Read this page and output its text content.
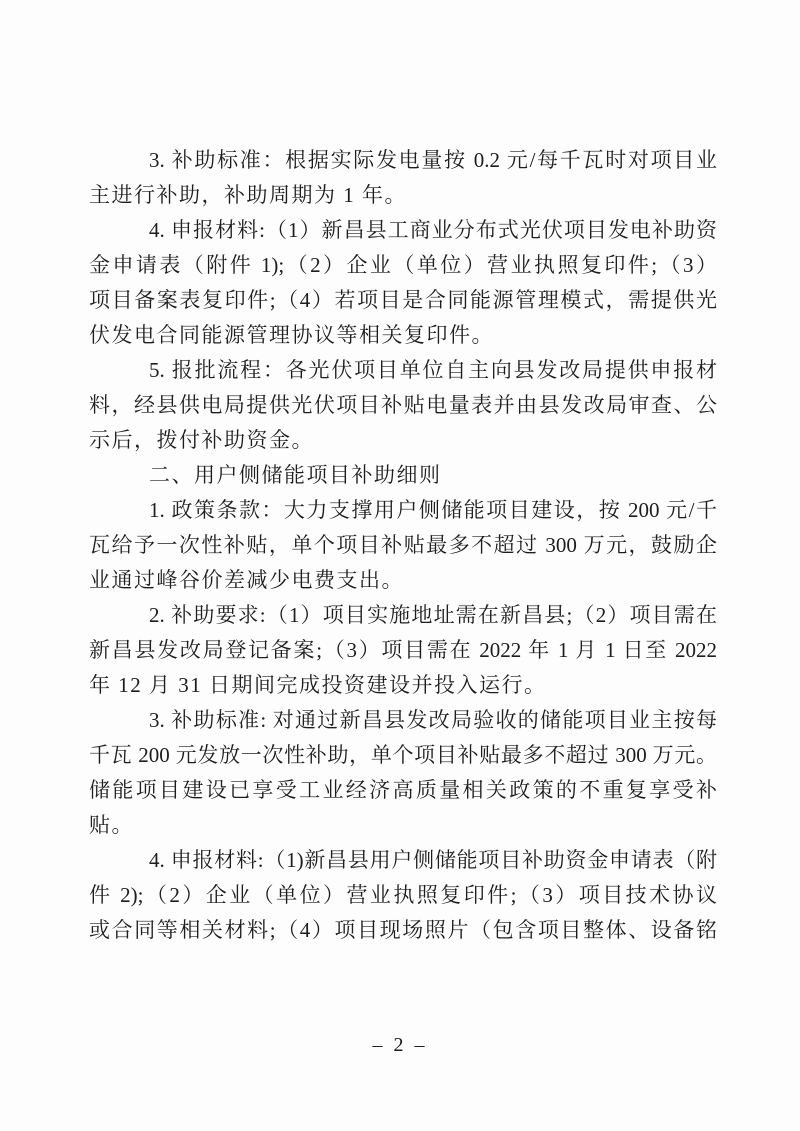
3. 补助标准：根据实际发电量按 0.2 元/每千瓦时对项目业

主进行补助，补助周期为 1 年。

4. 申报材料:（1）新昌县工商业分布式光伏项目发电补助资

金申请表（附件 1);（2）企业（单位）营业执照复印件;（3）

项目备案表复印件;（4）若项目是合同能源管理模式，需提供光

伏发电合同能源管理协议等相关复印件。

5. 报批流程：各光伏项目单位自主向县发改局提供申报材

料，经县供电局提供光伏项目补贴电量表并由县发改局审查、公

示后，拨付补助资金。

二、用户侧储能项目补助细则

1. 政策条款：大力支撑用户侧储能项目建设，按 200 元/千

瓦给予一次性补贴，单个项目补贴最多不超过 300 万元，鼓励企

业通过峰谷价差减少电费支出。

2. 补助要求:（1）项目实施地址需在新昌县;（2）项目需在

新昌县发改局登记备案;（3）项目需在 2022 年 1 月 1 日至 2022

年 12 月 31 日期间完成投资建设并投入运行。

3. 补助标准: 对通过新昌县发改局验收的储能项目业主按每

千瓦 200 元发放一次性补助，单个项目补贴最多不超过 300 万元。

储能项目建设已享受工业经济高质量相关政策的不重复享受补

贴。

4. 申报材料:（1)新昌县用户侧储能项目补助资金申请表（附

件 2);（2）企业（单位）营业执照复印件;（3）项目技术协议

或合同等相关材料;（4）项目现场照片（包含项目整体、设备铭

– 2 –
